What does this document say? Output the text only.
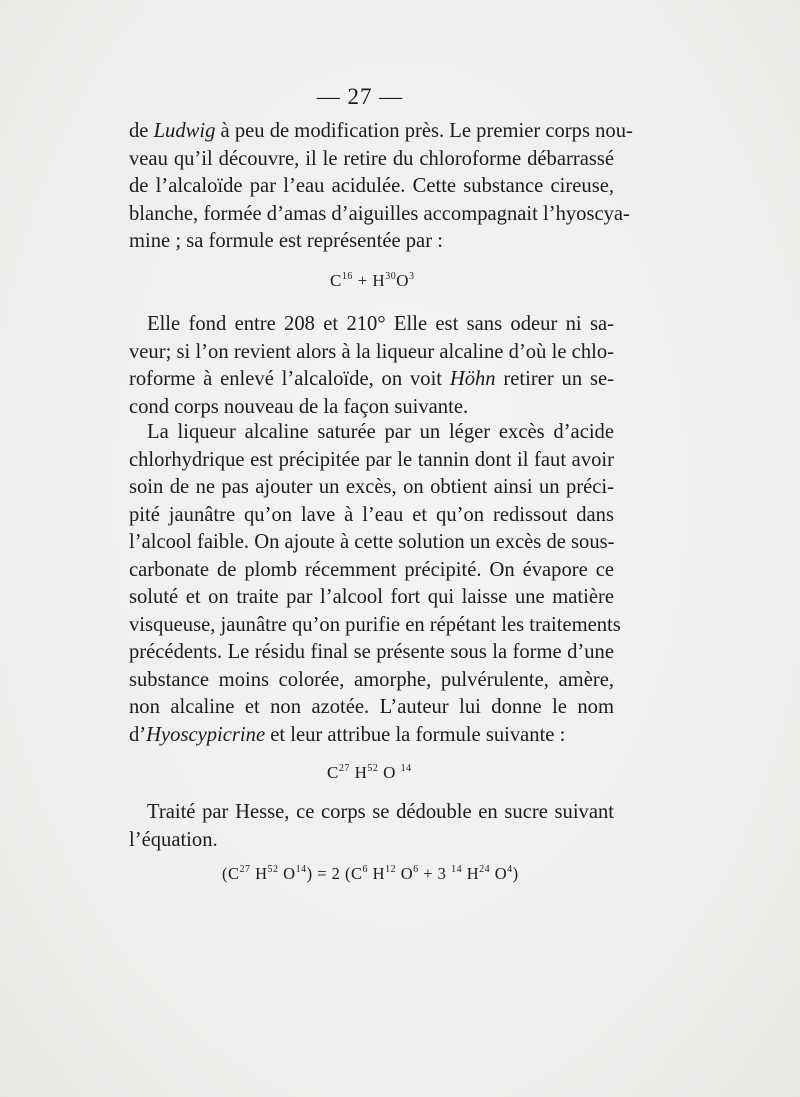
— 27 —

de Ludwig à peu de modification près. Le premier corps nou-
veau qu’il découvre, il le retire du chloroforme débarrassé
de l’alcaloïde par l’eau acidulée. Cette substance cireuse,
blanche, formée d’amas d’aiguilles accompagnait l’hyoscya-
mine ; sa formule est représentée par :

$C^{16} + H^{30}O^3$

Elle fond entre 208 et 210° Elle est sans odeur ni sa-
veur; si l’on revient alors à la liqueur alcaline d’où le chlo-
roforme à enlevé l’alcaloïde, on voit Höhn retirer un se-
cond corps nouveau de la façon suivante.

La liqueur alcaline saturée par un léger excès d’acide
chlorhydrique est précipitée par le tannin dont il faut avoir
soin de ne pas ajouter un excès, on obtient ainsi un préci-
pité jaunâtre qu’on lave à l’eau et qu’on redissout dans
l’alcool faible. On ajoute à cette solution un excès de sous-
carbonate de plomb récemment précipité. On évapore ce
soluté et on traite par l’alcool fort qui laisse une matière
visqueuse, jaunâtre qu’on purifie en répétant les traitements
précédents. Le résidu final se présente sous la forme d’une
substance moins colorée, amorphe, pulvérulente, amère,
non alcaline et non azotée. L’auteur lui donne le nom
d’Hyoscypicrine et leur attribue la formule suivante :

$C^{27}$ $H^{52}$ O $^{14}$

Traité par Hesse, ce corps se dédouble en sucre suivant
l’équation.

($C^{27}$ $H^{52}$ $O^{14}) = 2$ ($C^6$ $H^{12}$ $O^6 + 3$ $^{14}$ $H^{24}$ $O^4$)
